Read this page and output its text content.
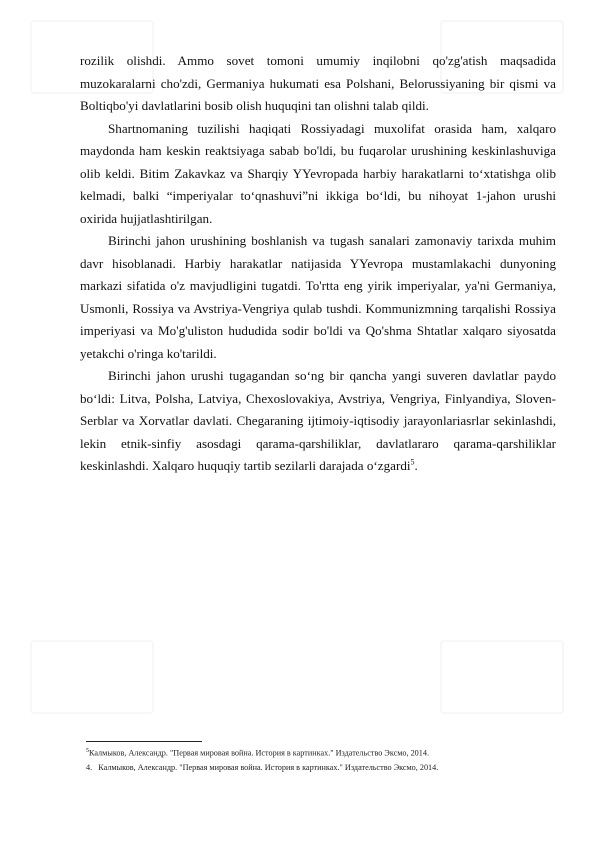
rozilik olishdi. Ammo sovet tomoni umumiy inqilobni qo'zg'atish maqsadida muzokaralarni cho'zdi, Germaniya hukumati esa Polshani, Belorussiyaning bir qismi va Boltiqbo'yi davlatlarini bosib olish huquqini tan olishni talab qildi.

Shartnomaning tuzilishi haqiqati Rossiyadagi muxolifat orasida ham, xalqaro maydonda ham keskin reaktsiyaga sabab bo'ldi, bu fuqarolar urushining keskinlashuviga olib keldi. Bitim Zakavkaz va Sharqiy YYevropada harbiy harakatlarni toʻxtatishga olib kelmadi, balki “imperiyalar toʻqnashuvi”ni ikkiga boʻldi, bu nihoyat 1-jahon urushi oxirida hujjatlashtirilgan.

Birinchi jahon urushining boshlanish va tugash sanalari zamonaviy tarixda muhim davr hisoblanadi. Harbiy harakatlar natijasida YYevropa mustamlakachi dunyoning markazi sifatida o'z mavjudligini tugatdi. To'rtta eng yirik imperiyalar, ya'ni Germaniya, Usmonli, Rossiya va Avstriya-Vengriya qulab tushdi. Kommunizmning tarqalishi Rossiya imperiyasi va Mo'g'uliston hududida sodir bo'ldi va Qo'shma Shtatlar xalqaro siyosatda yetakchi o'ringa ko'tarildi.

Birinchi jahon urushi tugagandan soʻng bir qancha yangi suveren davlatlar paydo boʻldi: Litva, Polsha, Latviya, Chexoslovakiya, Avstriya, Vengriya, Finlyandiya, Sloven-Serblar va Xorvatlar davlati. Chegaraning ijtimoiy-iqtisodiy jarayonlariasrlar sekinlashdi, lekin etnik-sinfiy asosdagi qarama-qarshiliklar, davlatlararo qarama-qarshiliklar keskinlashdi. Xalqaro huquqiy tartib sezilarli darajada oʻzgardi$^5$.

$^5$Калмыков, Александр. "Первая мировая война. История в картинках." Издательство Эксмо, 2014.
4. Калмыков, Александр. "Первая мировая война. История в картинках." Издательство Эксмо, 2014.
